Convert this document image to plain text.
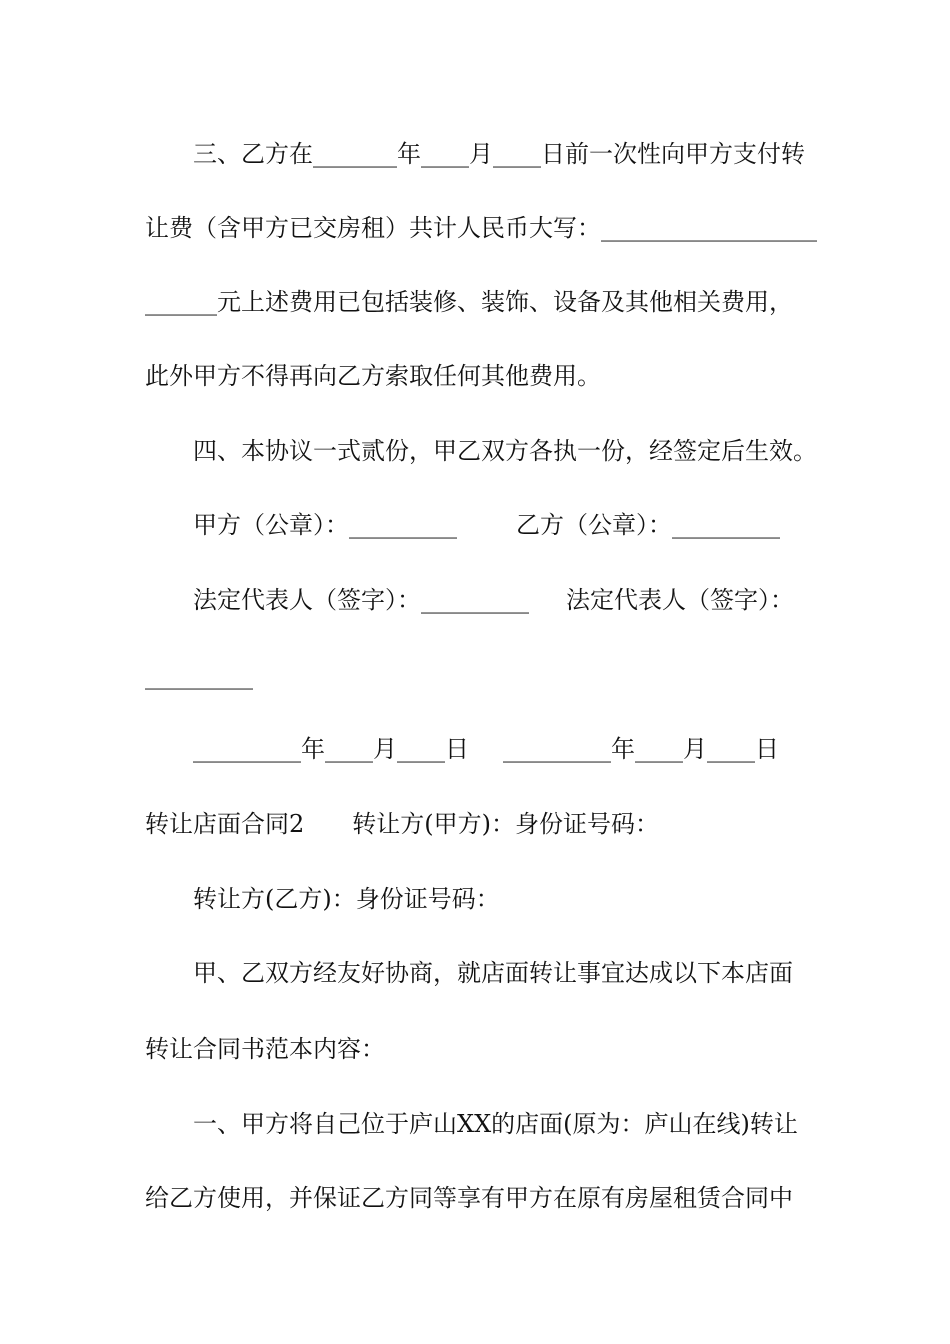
三、乙方在_______年____月____日前一次性向甲方支付转
让费（含甲方已交房租）共计人民币大写：__________________
______元上述费用已包括装修、装饰、设备及其他相关费用，
此外甲方不得再向乙方索取任何其他费用。
四、本协议一式贰份，甲乙双方各执一份，经签定后生效。
甲方（公章）：_________ 乙方（公章）：_________
法定代表人（签字）：_________ 法定代表人（签字）：
_________
_________年____月____日 _________年____月____日
转让店面合同2　　转让方(甲方)：身份证号码：
转让方(乙方)：身份证号码：
甲、乙双方经友好协商，就店面转让事宜达成以下本店面
转让合同书范本内容：
一、甲方将自己位于庐山XX的店面(原为：庐山在线)转让
给乙方使用，并保证乙方同等享有甲方在原有房屋租赁合同中
